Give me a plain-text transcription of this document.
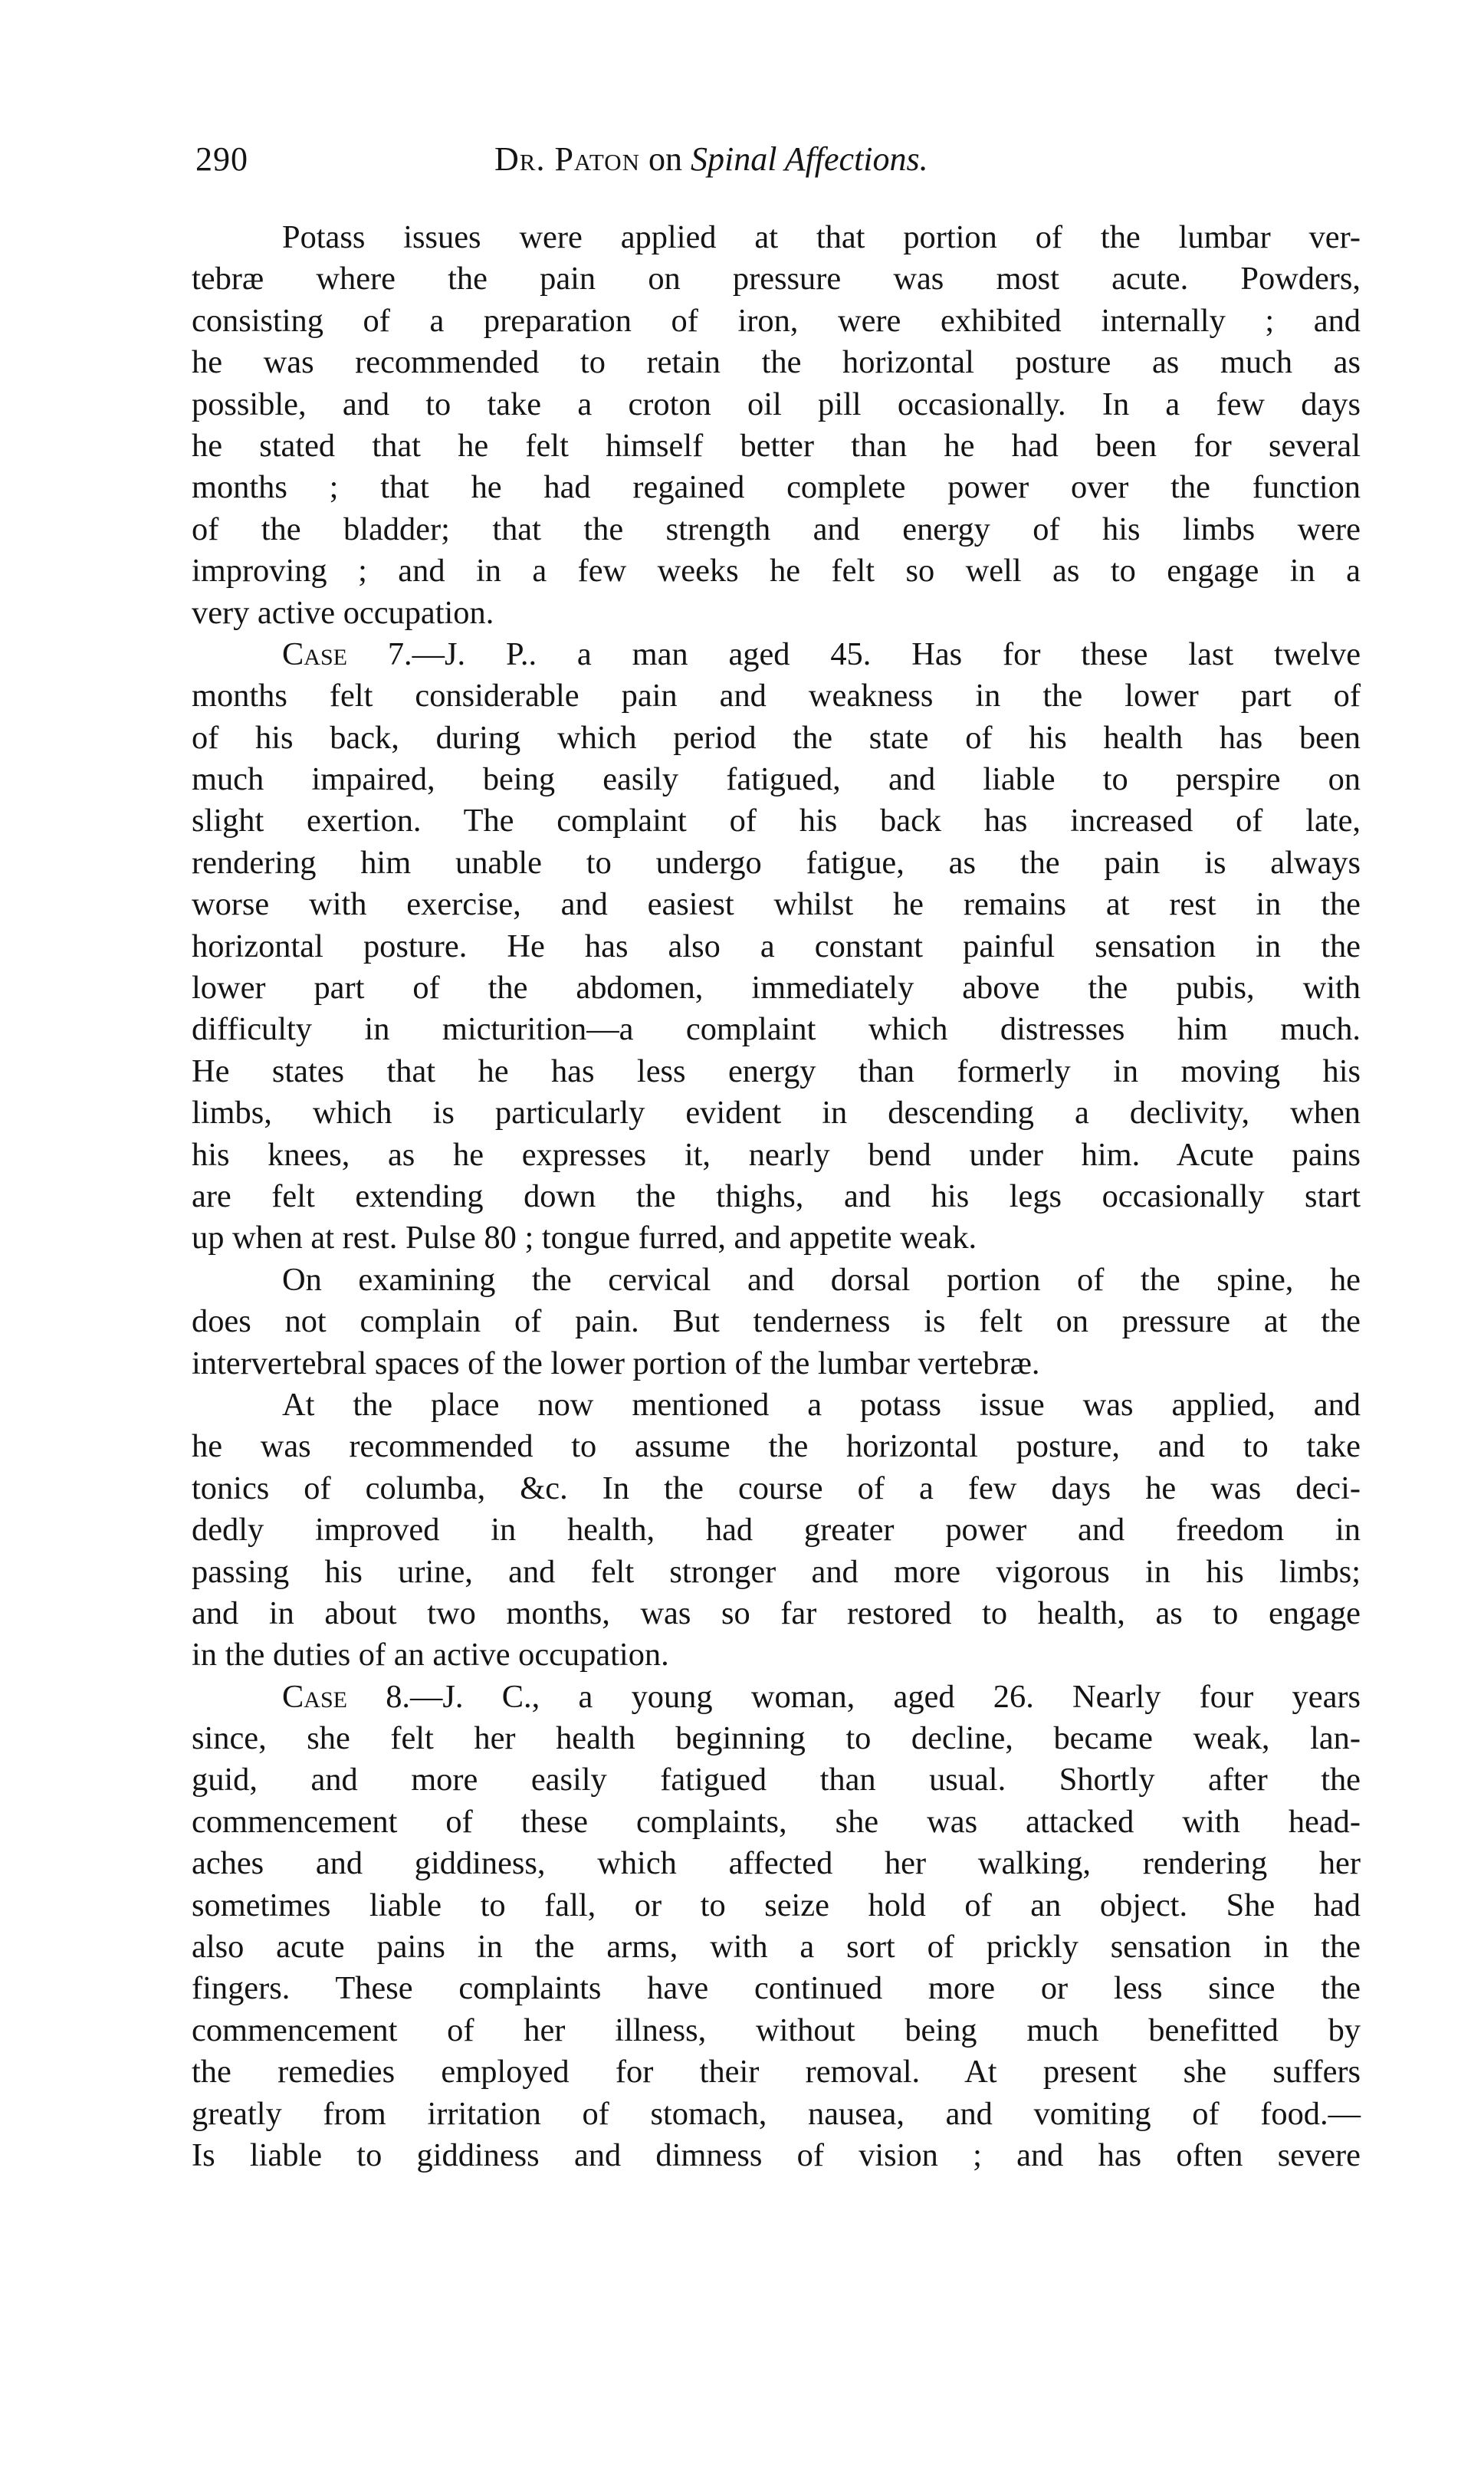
290	Dr. Paton on Spinal Affections.
Potass issues were applied at that portion of the lumbar ver-
tebræ where the pain on pressure was most acute. Powders,
consisting of a preparation of iron, were exhibited internally ; and
he was recommended to retain the horizontal posture as much as
possible, and to take a croton oil pill occasionally. In a few days
he stated that he felt himself better than he had been for several
months ; that he had regained complete power over the function
of the bladder; that the strength and energy of his limbs were
improving ; and in a few weeks he felt so well as to engage in a
very active occupation.
Case 7.—J. P.. a man aged 45. Has for these last twelve
months felt considerable pain and weakness in the lower part of
of his back, during which period the state of his health has been
much impaired, being easily fatigued, and liable to perspire on
slight exertion. The complaint of his back has increased of late,
rendering him unable to undergo fatigue, as the pain is always
worse with exercise, and easiest whilst he remains at rest in the
horizontal posture. He has also a constant painful sensation in the
lower part of the abdomen, immediately above the pubis, with
difficulty in micturition—a complaint which distresses him much.
He states that he has less energy than formerly in moving his
limbs, which is particularly evident in descending a declivity, when
his knees, as he expresses it, nearly bend under him. Acute pains
are felt extending down the thighs, and his legs occasionally start
up when at rest. Pulse 80 ; tongue furred, and appetite weak.
On examining the cervical and dorsal portion of the spine, he
does not complain of pain. But tenderness is felt on pressure at the
intervertebral spaces of the lower portion of the lumbar vertebræ.
At the place now mentioned a potass issue was applied, and
he was recommended to assume the horizontal posture, and to take
tonics of columba, &c. In the course of a few days he was deci-
dedly improved in health, had greater power and freedom in
passing his urine, and felt stronger and more vigorous in his limbs;
and in about two months, was so far restored to health, as to engage
in the duties of an active occupation.
Case 8.—J. C., a young woman, aged 26. Nearly four years
since, she felt her health beginning to decline, became weak, lan-
guid, and more easily fatigued than usual. Shortly after the
commencement of these complaints, she was attacked with head-
aches and giddiness, which affected her walking, rendering her
sometimes liable to fall, or to seize hold of an object. She had
also acute pains in the arms, with a sort of prickly sensation in the
fingers. These complaints have continued more or less since the
commencement of her illness, without being much benefitted by
the remedies employed for their removal. At present she suffers
greatly from irritation of stomach, nausea, and vomiting of food.—
Is liable to giddiness and dimness of vision ; and has often severe
